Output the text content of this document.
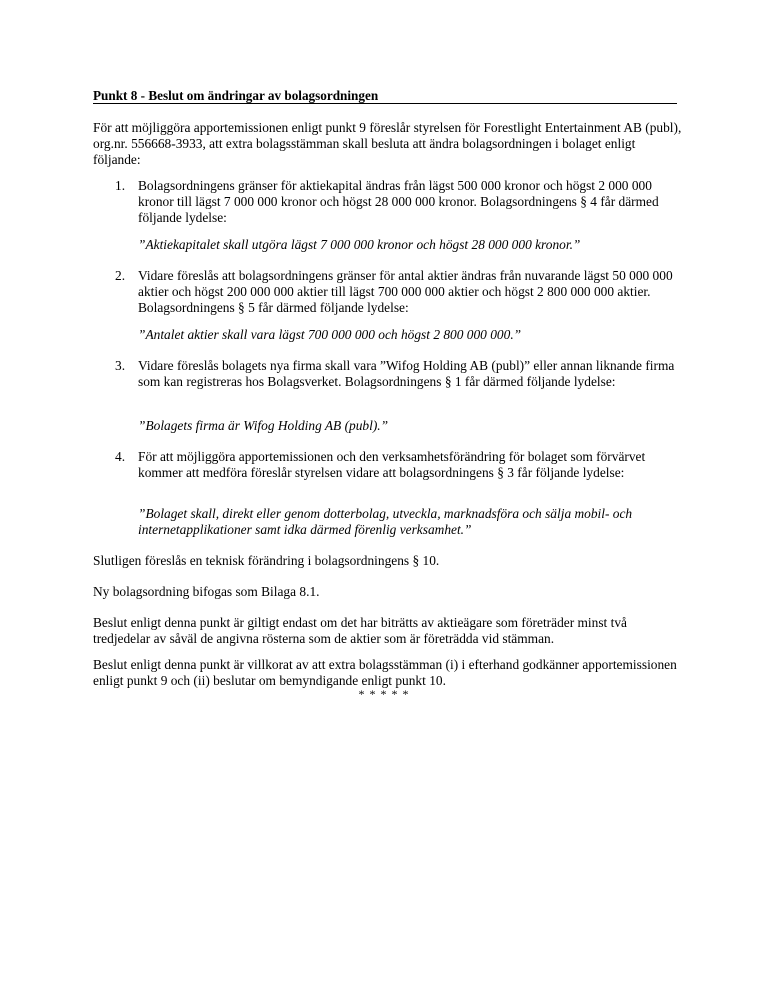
Punkt 8 - Beslut om ändringar av bolagsordningen

För att möjliggöra apportemissionen enligt punkt 9 föreslår styrelsen för Forestlight Entertainment AB (publ), org.nr. 556668-3933, att extra bolagsstämman skall besluta att ändra bolagsordningen i bolaget enligt följande:

1. Bolagsordningens gränser för aktiekapital ändras från lägst 500 000 kronor och högst 2 000 000 kronor till lägst 7 000 000 kronor och högst 28 000 000 kronor. Bolagsordningens § 4 får därmed följande lydelse:
”Aktiekapitalet skall utgöra lägst 7 000 000 kronor och högst 28 000 000 kronor.”
2. Vidare föreslås att bolagsordningens gränser för antal aktier ändras från nuvarande lägst 50 000 000 aktier och högst 200 000 000 aktier till lägst 700 000 000 aktier och högst 2 800 000 000 aktier. Bolagsordningens § 5 får därmed följande lydelse:
”Antalet aktier skall vara lägst 700 000 000 och högst 2 800 000 000.”
3. Vidare föreslås bolagets nya firma skall vara ”Wifog Holding AB (publ)” eller annan liknande firma som kan registreras hos Bolagsverket. Bolagsordningens § 1 får därmed följande lydelse:
”Bolagets firma är Wifog Holding AB (publ).”
4. För att möjliggöra apportemissionen och den verksamhetsförändring för bolaget som förvärvet kommer att medföra föreslår styrelsen vidare att bolagsordningens § 3 får följande lydelse:
”Bolaget skall, direkt eller genom dotterbolag, utveckla, marknadsföra och sälja mobil- och internetapplikationer samt idka därmed förenlig verksamhet.”

Slutligen föreslås en teknisk förändring i bolagsordningens § 10.

Ny bolagsordning bifogas som Bilaga 8.1.

Beslut enligt denna punkt är giltigt endast om det har biträtts av aktieägare som företräder minst två tredjedelar av såväl de angivna rösterna som de aktier som är företrädda vid stämman.

Beslut enligt denna punkt är villkorat av att extra bolagsstämman (i) i efterhand godkänner apportemissionen enligt punkt 9 och (ii) beslutar om bemyndigande enligt punkt 10.

* * * * *
